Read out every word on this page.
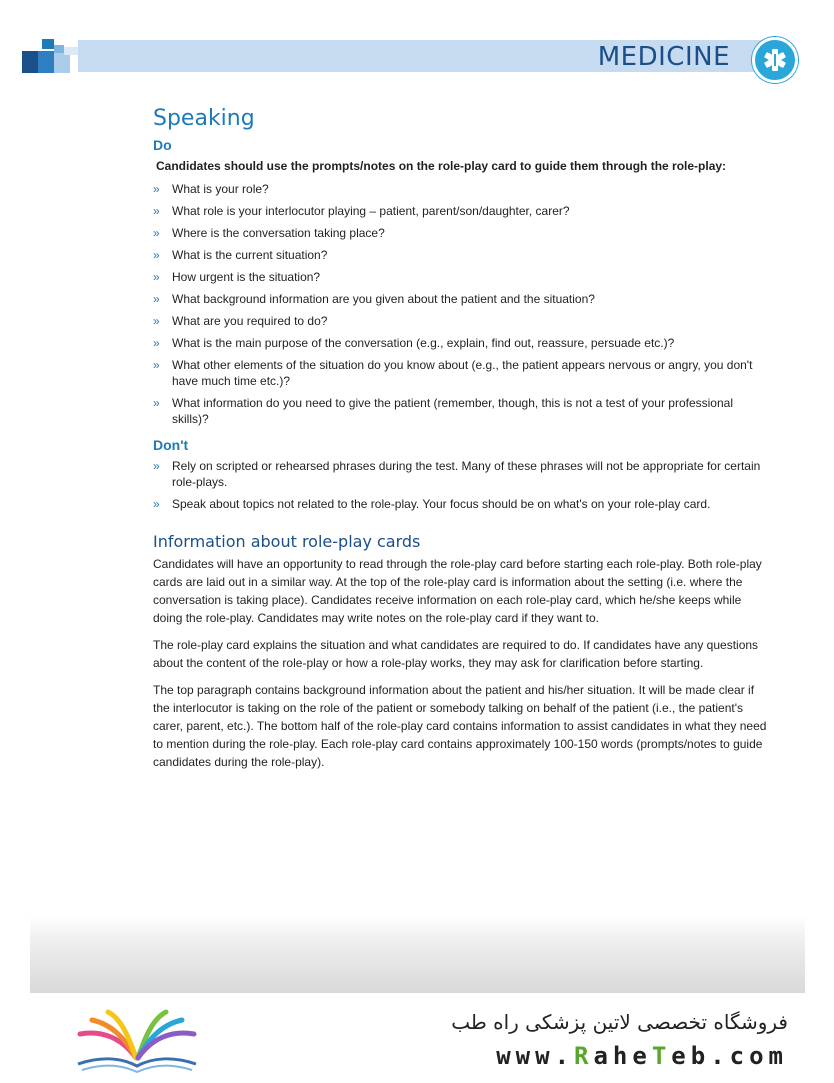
MEDICINE
Speaking
Do
Candidates should use the prompts/notes on the role-play card to guide them through the role-play:
» What is your role?
» What role is your interlocutor playing – patient, parent/son/daughter, carer?
» Where is the conversation taking place?
» What is the current situation?
» How urgent is the situation?
» What background information are you given about the patient and the situation?
» What are you required to do?
» What is the main purpose of the conversation (e.g., explain, find out, reassure, persuade etc.)?
» What other elements of the situation do you know about (e.g., the patient appears nervous or angry, you don't have much time etc.)?
» What information do you need to give the patient (remember, though, this is not a test of your professional skills)?
Don't
» Rely on scripted or rehearsed phrases during the test. Many of these phrases will not be appropriate for certain role-plays.
» Speak about topics not related to the role-play. Your focus should be on what's on your role-play card.
Information about role-play cards

Candidates will have an opportunity to read through the role-play card before starting each role-play. Both role-play cards are laid out in a similar way. At the top of the role-play card is information about the setting (i.e. where the conversation is taking place). Candidates receive information on each role-play card, which he/she keeps while doing the role-play. Candidates may write notes on the role-play card if they want to.

The role-play card explains the situation and what candidates are required to do. If candidates have any questions about the content of the role-play or how a role-play works, they may ask for clarification before starting.

The top paragraph contains background information about the patient and his/her situation. It will be made clear if the interlocutor is taking on the role of the patient or somebody talking on behalf of the patient (i.e., the patient's carer, parent, etc.). The bottom half of the role-play card contains information to assist candidates in what they need to mention during the role-play. Each role-play card contains approximately 100-150 words (prompts/notes to guide candidates during the role-play).

فروشگاه تخصصی لاتین پزشکی راه طب
www.RaheTeb.com
